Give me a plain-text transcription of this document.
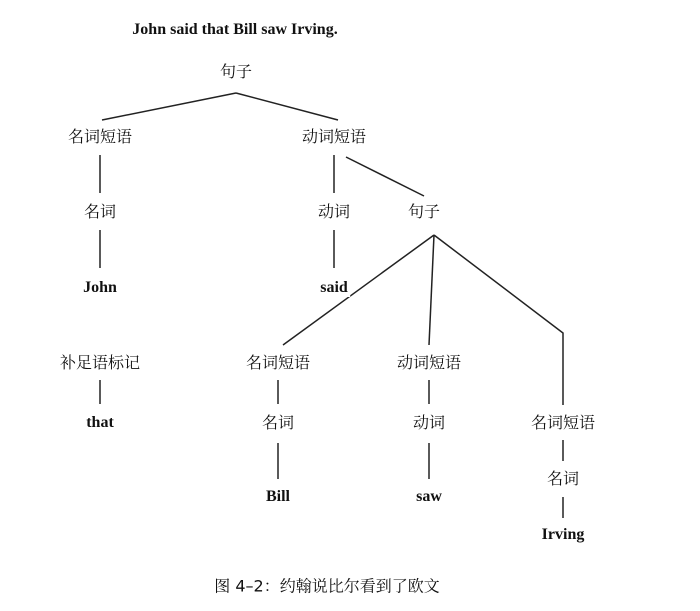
John said that Bill saw Irving.
句子
名词短语	动词短语
名词	动词	句子
John	said
补足语标记	名词短语	动词短语
that	名词	动词	名词短语
Bill	saw
名词
Irving
图 4–2：约翰说比尔看到了欧文
